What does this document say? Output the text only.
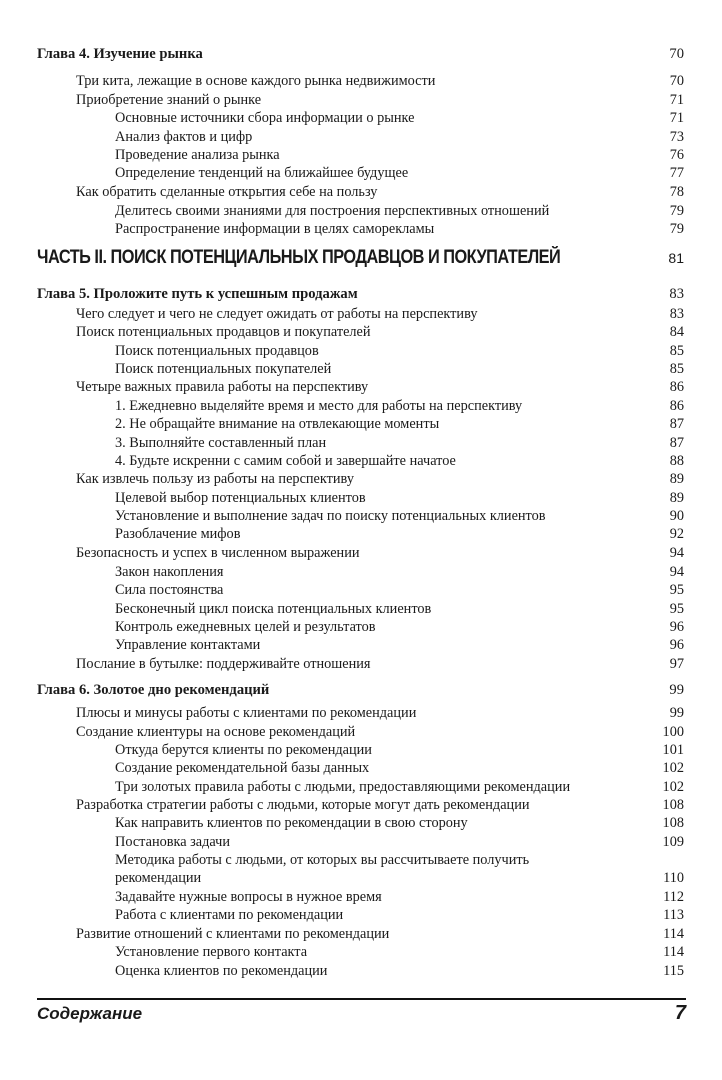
Глава 4. Изучение рынка	70
Три кита, лежащие в основе каждого рынка недвижимости	70
Приобретение знаний о рынке	71
Основные источники сбора информации о рынке	71
Анализ фактов и цифр	73
Проведение анализа рынка	76
Определение тенденций на ближайшее будущее	77
Как обратить сделанные открытия себе на пользу	78
Делитесь своими знаниями для построения перспективных отношений	79
Распространение информации в целях саморекламы	79
ЧАСТЬ II. ПОИСК ПОТЕНЦИАЛЬНЫХ ПРОДАВЦОВ И ПОКУПАТЕЛЕЙ	81
Глава 5. Проложите путь к успешным продажам	83
Чего следует и чего не следует ожидать от работы на перспективу	83
Поиск потенциальных продавцов и покупателей	84
Поиск потенциальных продавцов	85
Поиск потенциальных покупателей	85
Четыре важных правила работы на перспективу	86
1. Ежедневно выделяйте время и место для работы на перспективу	86
2. Не обращайте внимание на отвлекающие моменты	87
3. Выполняйте составленный план	87
4. Будьте искренни с самим собой и завершайте начатое	88
Как извлечь пользу из работы на перспективу	89
Целевой выбор потенциальных клиентов	89
Установление и выполнение задач по поиску потенциальных клиентов	90
Разоблачение мифов	92
Безопасность и успех в численном выражении	94
Закон накопления	94
Сила постоянства	95
Бесконечный цикл поиска потенциальных клиентов	95
Контроль ежедневных целей и результатов	96
Управление контактами	96
Послание в бутылке: поддерживайте отношения	97
Глава 6. Золотое дно рекомендаций	99
Плюсы и минусы работы с клиентами по рекомендации	99
Создание клиентуры на основе рекомендаций	100
Откуда берутся клиенты по рекомендации	101
Создание рекомендательной базы данных	102
Три золотых правила работы с людьми, предоставляющими рекомендации	102
Разработка стратегии работы с людьми, которые могут дать рекомендации	108
Как направить клиентов по рекомендации в свою сторону	108
Постановка задачи	109
Методика работы с людьми, от которых вы рассчитываете получить
рекомендации	110
Задавайте нужные вопросы в нужное время	112
Работа с клиентами по рекомендации	113
Развитие отношений с клиентами по рекомендации	114
Установление первого контакта	114
Оценка клиентов по рекомендации	115
Содержание	7
